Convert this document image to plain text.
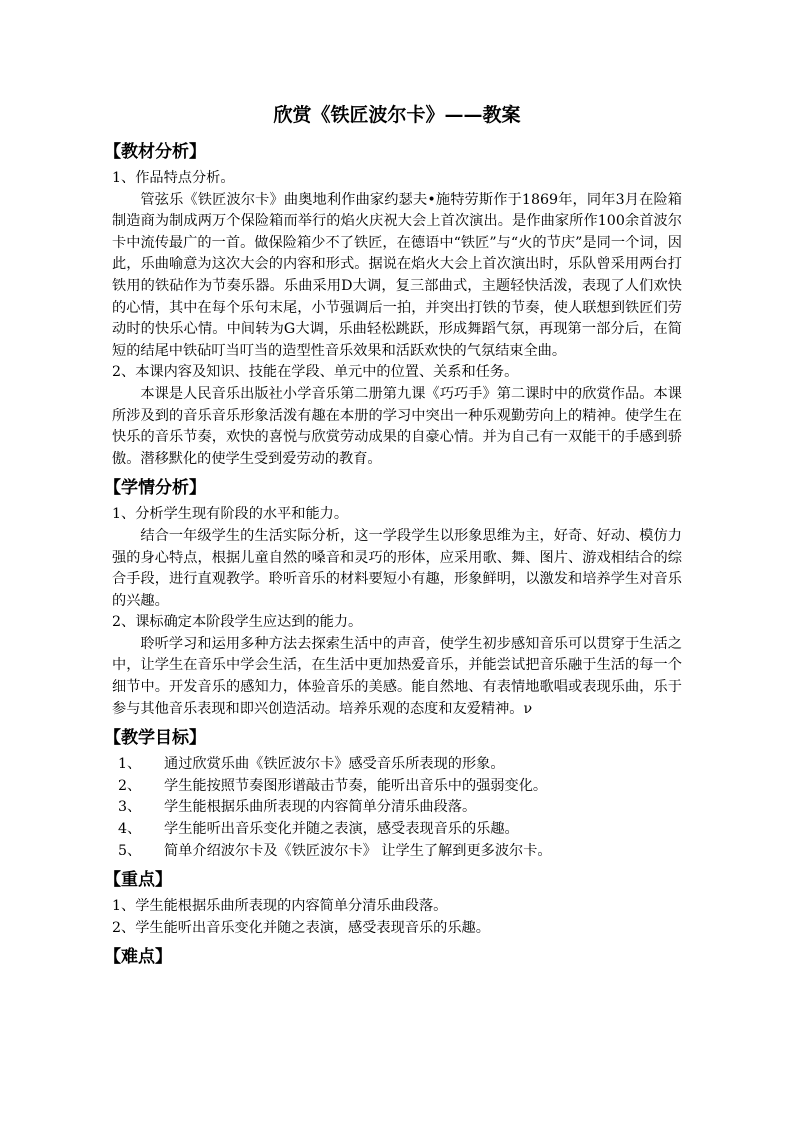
欣赏《铁匠波尔卡》——教案
【教材分析】

1、作品特点分析。

管弦乐《铁匠波尔卡》曲奥地利作曲家约瑟夫•施特劳斯作于1869年，同年3月在险箱制造商为制成两万个保险箱而举行的焰火庆祝大会上首次演出。是作曲家所作100余首波尔卡中流传最广的一首。做保险箱少不了铁匠，在德语中“铁匠”与“火的节庆”是同一个词，因此，乐曲喻意为这次大会的内容和形式。据说在焰火大会上首次演出时，乐队曾采用两台打铁用的铁砧作为节奏乐器。乐曲采用D大调，复三部曲式，主题轻快活泼，表现了人们欢快的心情，其中在每个乐句末尾，小节强调后一拍，并突出打铁的节奏，使人联想到铁匠们劳动时的快乐心情。中间转为G大调，乐曲轻松跳跃，形成舞蹈气氛，再现第一部分后，在简短的结尾中铁砧叮当叮当的造型性音乐效果和活跃欢快的气氛结束全曲。

2、本课内容及知识、技能在学段、单元中的位置、关系和任务。

本课是人民音乐出版社小学音乐第二册第九课《巧巧手》第二课时中的欣赏作品。本课所涉及到的音乐音乐形象活泼有趣在本册的学习中突出一种乐观勤劳向上的精神。使学生在快乐的音乐节奏，欢快的喜悦与欣赏劳动成果的自豪心情。并为自己有一双能干的手感到骄傲。潜移默化的使学生受到爱劳动的教育。

【学情分析】

1、分析学生现有阶段的水平和能力。

结合一年级学生的生活实际分析，这一学段学生以形象思维为主，好奇、好动、模仿力强的身心特点，根据儿童自然的嗓音和灵巧的形体，应采用歌、舞、图片、游戏相结合的综合手段，进行直观教学。聆听音乐的材料要短小有趣，形象鲜明，以激发和培养学生对音乐的兴趣。

2、课标确定本阶段学生应达到的能力。

聆听学习和运用多种方法去探索生活中的声音，使学生初步感知音乐可以贯穿于生活之中，让学生在音乐中学会生活，在生活中更加热爱音乐，并能尝试把音乐融于生活的每一个细节中。开发音乐的感知力，体验音乐的美感。能自然地、有表情地歌唱或表现乐曲，乐于参与其他音乐表现和即兴创造活动。培养乐观的态度和友爱精神。ν

【教学目标】
1、	通过欣赏乐曲《铁匠波尔卡》感受音乐所表现的形象。
2、	学生能按照节奏图形谱敲击节奏，能听出音乐中的强弱变化。
3、	学生能根据乐曲所表现的内容简单分清乐曲段落。
4、	学生能听出音乐变化并随之表演，感受表现音乐的乐趣。
5、	简单介绍波尔卡及《铁匠波尔卡》 让学生了解到更多波尔卡。
【重点】

1、学生能根据乐曲所表现的内容简单分清乐曲段落。

2、学生能听出音乐变化并随之表演，感受表现音乐的乐趣。

【难点】
